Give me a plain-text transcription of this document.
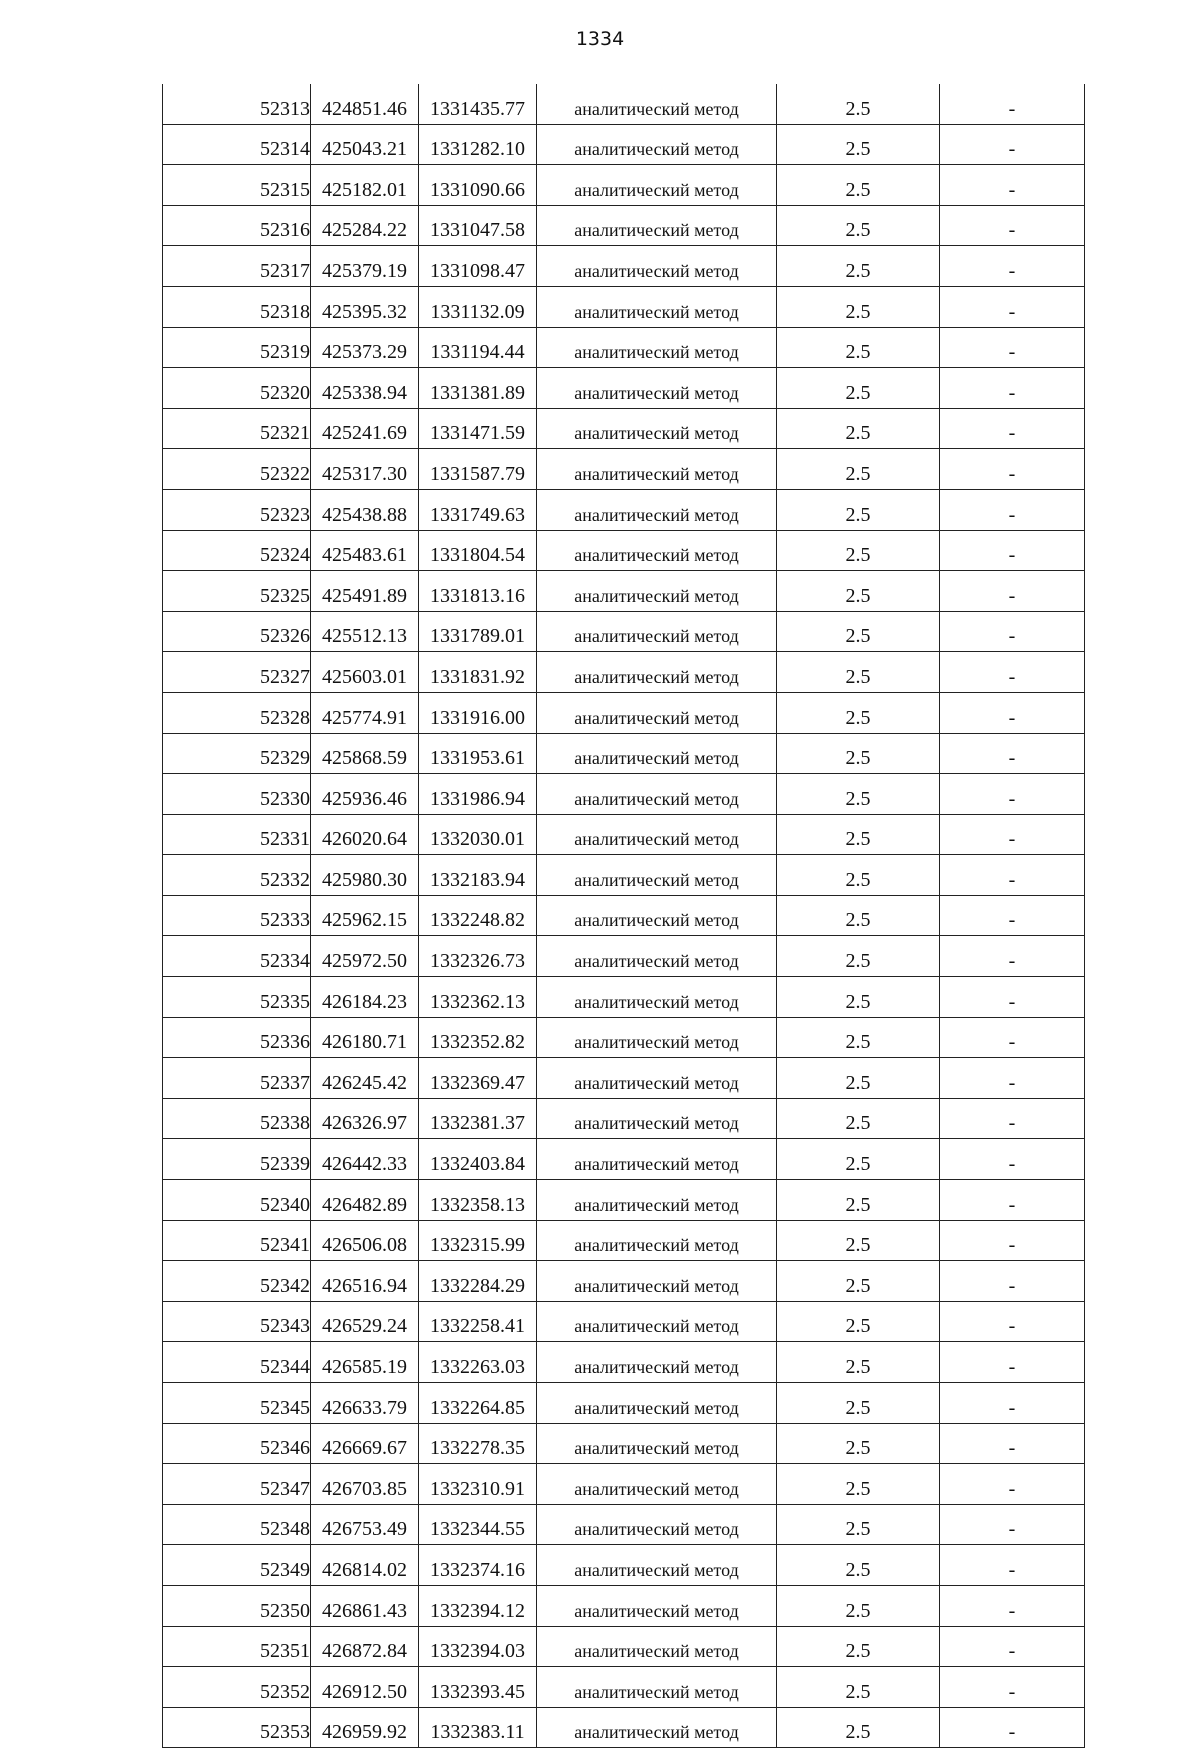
1334
52313	424851.46	1331435.77	аналитический метод	2.5	-
52314	425043.21	1331282.10	аналитический метод	2.5	-
52315	425182.01	1331090.66	аналитический метод	2.5	-
52316	425284.22	1331047.58	аналитический метод	2.5	-
52317	425379.19	1331098.47	аналитический метод	2.5	-
52318	425395.32	1331132.09	аналитический метод	2.5	-
52319	425373.29	1331194.44	аналитический метод	2.5	-
52320	425338.94	1331381.89	аналитический метод	2.5	-
52321	425241.69	1331471.59	аналитический метод	2.5	-
52322	425317.30	1331587.79	аналитический метод	2.5	-
52323	425438.88	1331749.63	аналитический метод	2.5	-
52324	425483.61	1331804.54	аналитический метод	2.5	-
52325	425491.89	1331813.16	аналитический метод	2.5	-
52326	425512.13	1331789.01	аналитический метод	2.5	-
52327	425603.01	1331831.92	аналитический метод	2.5	-
52328	425774.91	1331916.00	аналитический метод	2.5	-
52329	425868.59	1331953.61	аналитический метод	2.5	-
52330	425936.46	1331986.94	аналитический метод	2.5	-
52331	426020.64	1332030.01	аналитический метод	2.5	-
52332	425980.30	1332183.94	аналитический метод	2.5	-
52333	425962.15	1332248.82	аналитический метод	2.5	-
52334	425972.50	1332326.73	аналитический метод	2.5	-
52335	426184.23	1332362.13	аналитический метод	2.5	-
52336	426180.71	1332352.82	аналитический метод	2.5	-
52337	426245.42	1332369.47	аналитический метод	2.5	-
52338	426326.97	1332381.37	аналитический метод	2.5	-
52339	426442.33	1332403.84	аналитический метод	2.5	-
52340	426482.89	1332358.13	аналитический метод	2.5	-
52341	426506.08	1332315.99	аналитический метод	2.5	-
52342	426516.94	1332284.29	аналитический метод	2.5	-
52343	426529.24	1332258.41	аналитический метод	2.5	-
52344	426585.19	1332263.03	аналитический метод	2.5	-
52345	426633.79	1332264.85	аналитический метод	2.5	-
52346	426669.67	1332278.35	аналитический метод	2.5	-
52347	426703.85	1332310.91	аналитический метод	2.5	-
52348	426753.49	1332344.55	аналитический метод	2.5	-
52349	426814.02	1332374.16	аналитический метод	2.5	-
52350	426861.43	1332394.12	аналитический метод	2.5	-
52351	426872.84	1332394.03	аналитический метод	2.5	-
52352	426912.50	1332393.45	аналитический метод	2.5	-
52353	426959.92	1332383.11	аналитический метод	2.5	-
